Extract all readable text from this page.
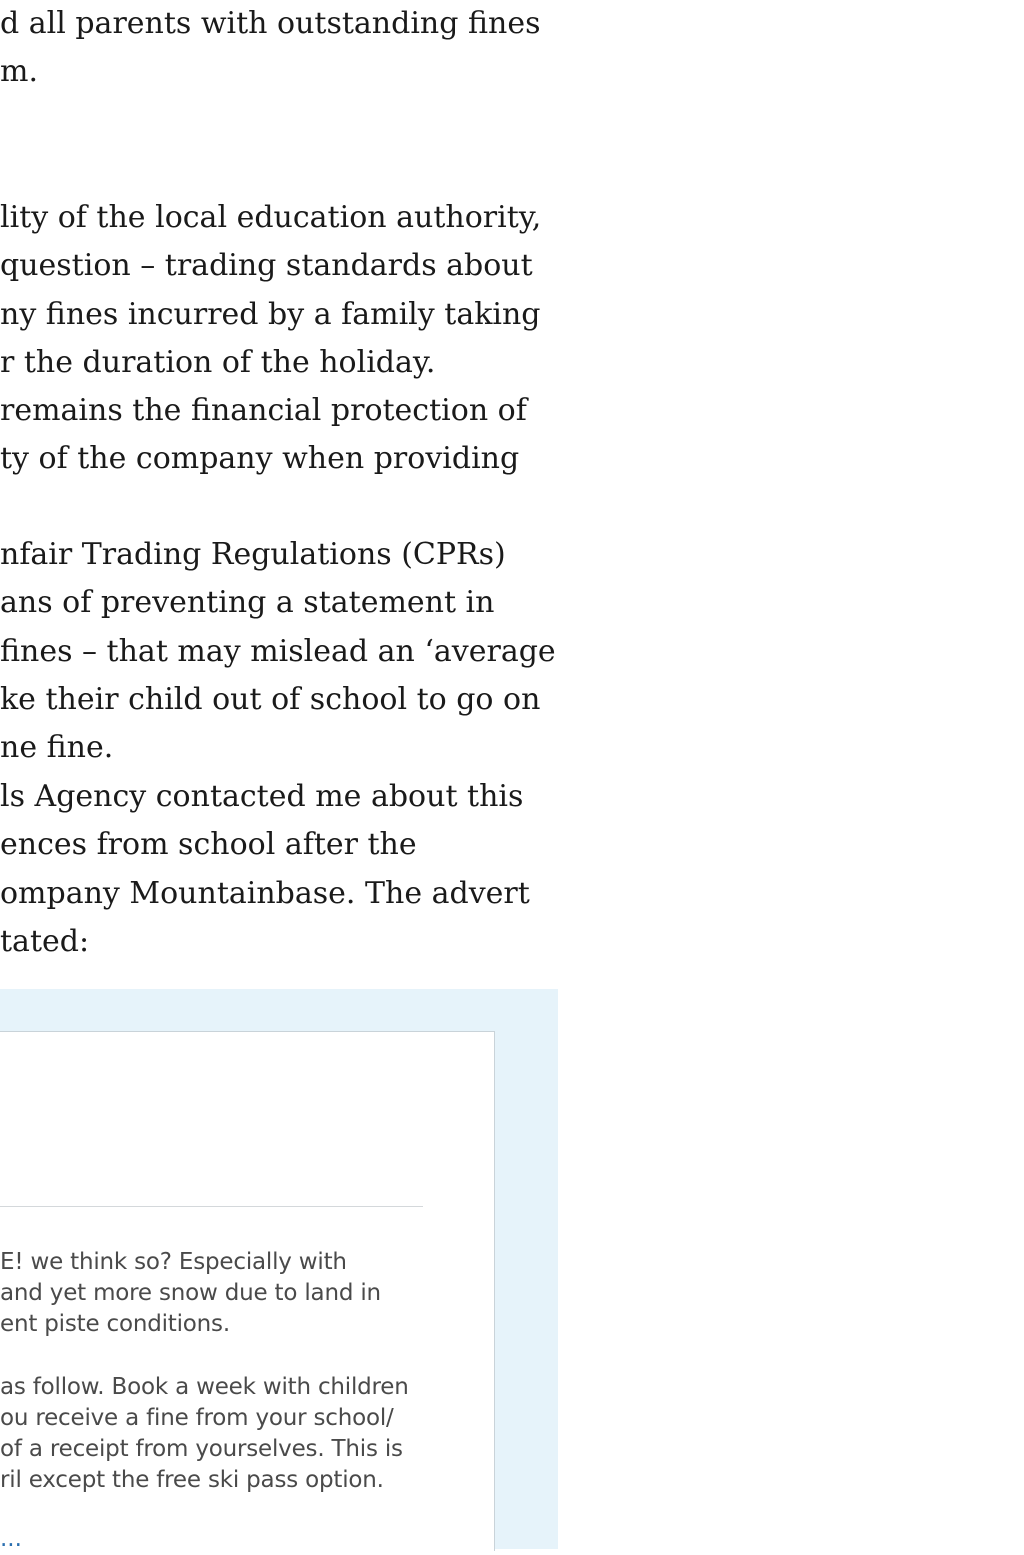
d all parents with outstanding fines
m.
lity of the local education authority,
question – trading standards about
ny fines incurred by a family taking
r the duration of the holiday.
remains the financial protection of
ty of the company when providing
nfair Trading Regulations (CPRs)
ans of preventing a statement in
fines – that may mislead an ‘average
ke their child out of school to go on
ne fine.
ls Agency contacted me about this
ences from school after the
ompany Mountainbase. The advert
tated:
E! we think so? Especially with
and yet more snow due to land in
ent piste conditions.
as follow. Book a week with children
ou receive a fine from your school/
of a receipt from yourselves. This is
ril except the free ski pass option.
...
